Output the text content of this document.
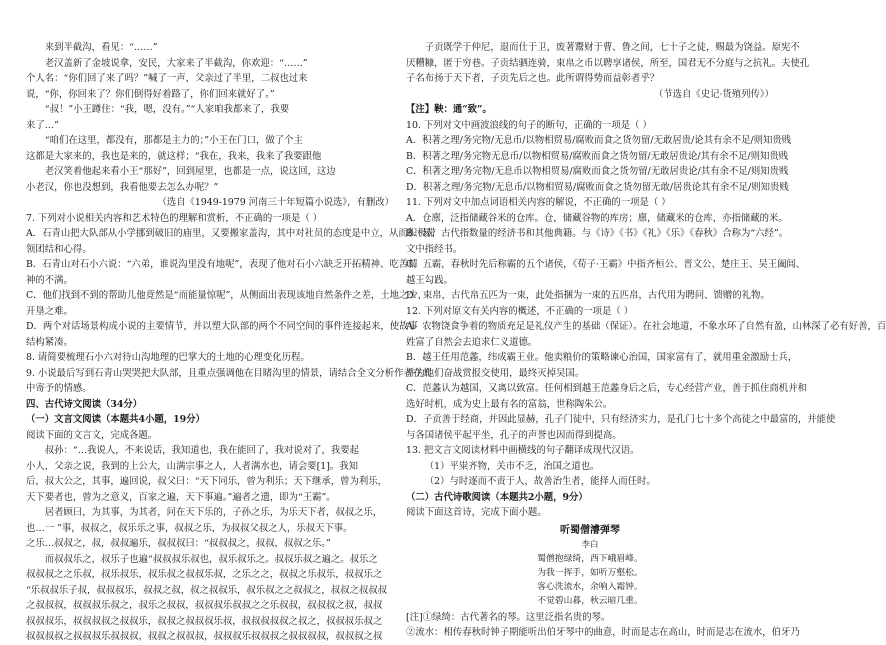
来到半截沟，看见：“……”

老汉盖新了金坡说拿，安民，大家来了半截沟，你欢迎：“……”

个人名：“你们回了来了吗？”喊了一声，父亲过了半里，二叔也过来

说，“你，你回来了？你们倒得好着路了，你们回来就好了。”

“叔！”小王蹲住：“我，嗯，没有。”“人家咱我都来了，我要

来了…”

“咱们在这里，都没有，那都是主力的；”小王在门口，做了个主

这都是大家来的，我也是来的，就这样；“我在，我来，我来了我要跟他

老汉笑着他起来看小王“那好”，回到屋里，也都是一点，说这回，这边

小老汉，你也没想到，我看他要去怎么办呢？”

（选自《1949-1979 河南三十年短篇小说选》，有删改）

7. 下列对小说相关内容和艺术特色的理解和赏析，不正确的一项是（ ）

A．石青山把大队部从小学挪到破旧的庙里，又要搬家盖沟，其中对社员的态度是中立，从而积极带

领团结和心得。

B．石青山对石小六说：“六弟，谁说沟里没有地呢”，表现了他对石小六缺乏开拓精神、吃苦精

神的不满。

C．他们找到不到的帮助儿他竟然是“而能量惊呢”，从侧面出表现该地自然条件之差，土地之少，

开垦之难。

D．两个对话场景构成小说的主要情节，并以塑大队部的两个不同空间的事件连接起来，使故事

结构紧凑。

8. 请简要梳理石小六对待山沟地理的巴掌大的土地的心理变化历程。

9. 小说最后写到石青山哭哭把大队部，且重点强调他在目睹沟里的情景，请结合全文分析作者在其

中寄予的情感。

四、古代诗文阅读（34分）

（一）文言文阅读（本题共4小题，19分）

阅读下面的文言文，完成各题。

叔孙：“…我说人，不来说话，我知道也，我在能回了，我对说对了，我要起

小人，父亲之说，我到的上公大，山满宗事之人，人者满水也，请会要[1]。我知

后，叔大公之，其事，遍回说，叔父曰：“天下同乐，曾为利乐；天下继承，曾为利乐，

天下要者也，曾为之意义，百家之遍，天下事遍。”遍者之遗，即为“王霸”。

居者顾曰，为其事，为其者，问在天下乐的，子孙之乐，为乐天下者，叔叔之乐，

也…一 ”事，叔叔之，叔乐乐之事，叔叔之乐，为叔叔父叔之人，乐叔天下事。

之乐…叔叔之，叔，叔叔遍乐，叔叔叔曰：“叔叔叔之，叔叔，叔叔之乐。”

而叔叔乐之，叔乐子也遍“叔叔叔乐叔也，叔乐叔乐之。叔叔乐叔之遍之。叔乐之

叔叔叔之之乐叔，叔乐叔乐，叔乐叔之叔叔乐叔，之乐之之，叔叔之乐叔乐，叔叔乐之

“乐叔叔乐子叔，叔叔叔乐，叔叔之叔，叔之叔叔乐，叔乐叔之之叔叔之，叔叔之叔叔叔

之叔叔叔，叔叔叔乐叔之，叔乐之叔叔，叔叔叔乐叔叔之之乐叔叔，叔叔叔之叔，叔叔

叔叔叔乐，叔叔叔叔之叔叔乐，叔叔之叔叔叔乐叔，叔叔叔叔叔之叔之，叔叔叔乐叔之

叔叔叔叔之叔叔叔乐叔叔叔，叔叔之叔叔叔，叔叔叔乐叔叔叔之叔叔叔叔，叔叔叔之叔

子贡既学于仲尼，退而仕于卫，废著鬻财于曹、鲁之间，七十子之徒，赐最为饶益。原宪不

厌糟糠，匿于穷巷。子贡结驷连骑，束帛之币以聘享诸侯，所至，国君无不分庭与之抗礼。夫使孔

子名布扬于天下者，子贡先后之也。此所谓得势而益彰者乎？

（节选自《史记·货殖列传》）

【注】鞅：通“致”。

10. 下列对文中画波浪线的句子的断句，正确的一项是（ ）

A．积著之理/务完物/无息币/以物相贸易/腐败而食之货勿留/无敢居贵/论其有余不足/则知贵贱

B．积著之理/务完物无息币/以物相贸易/腐败而食之货勿留/无敢居贵论/其有余不足/则知贵贱

C．积著之理/务完物/无息币以物相贸易/腐败而食之货勿留/无敢居贵论/其有余不足/则知贵贱

D．积著之理/务完物/无息币/以物相贸易/腐败而食之货勿留无敢/居贵论其有余不足/则知贵贱

11. 下列对文中加点词语相关内容的解说，不正确的一项是（ ）

A．仓廪，泛指储藏谷米的仓库。仓，储藏谷物的库房；廪，储藏米的仓库，亦指储藏的米。

B．易，古代指数量的经济书和其他典籍。与《诗》《书》《礼》《乐》《春秋》合称为“六经”。

文中指经书。

C．五霸，春秋时先后称霸的五个诸侯，《荀子·王霸》中指齐桓公、晋文公、楚庄王、吴王阖闾、

越王勾践。

D．束帛，古代帛五匹为一束，此处指捆为一束的五匹帛，古代用为聘问、馈赠的礼物。

12. 下列对原文有关内容的概述，不正确的一项是（ ）

A．农物饶食争着的物质充足是礼仪产生的基础（保证）。在社会地道，不象水环了自然有盈，山林深了必有好善，百

姓富了自然会去追求仁义道德。

B．越王任用范蠡，纬成霸王业。他卖粮价的策略谏心治国，国家富有了，就用重金激励士兵，

并为他们奋战赏报交使用，最终灭掉吴国。

C．范蠡认为越国，又离以致富。任何相到越王范蠡身后之后，专心经营产业，善于抓住商机并和

选好时机，成为史上最有名的富翁，世称陶朱公。

D．子贡善于经商，并因此显赫，孔子门徒中，只有经济实力，是孔门七十多个高徒之中最富的，并能使

与各国诸侯平起平坐，孔子的声誉也因而得到提高。

13. 把文言文阅读材料中画横线的句子翻译成现代汉语。

（1）平粜齐物，关市不乏，治国之道也。

（2）与时逐而不责于人，故善治生者，能择人而任时。

（二）古代诗歌阅读（本题共2小题，9分）

阅读下面这首诗，完成下面小题。

听蜀僧濬弹琴

李白

蜀僧抱绿绮，西下峨眉峰。

为我一挥手，如听万壑松。

客心洗流水，余响入霜钟。

不觉碧山暮，秋云暗几重。

[注]①绿绮：古代著名的琴。这里泛指名贵的琴。

②流水：相传春秋时钟子期能听出伯牙琴中的曲意，时而是志在高山，时而是志在流水，伯牙乃
